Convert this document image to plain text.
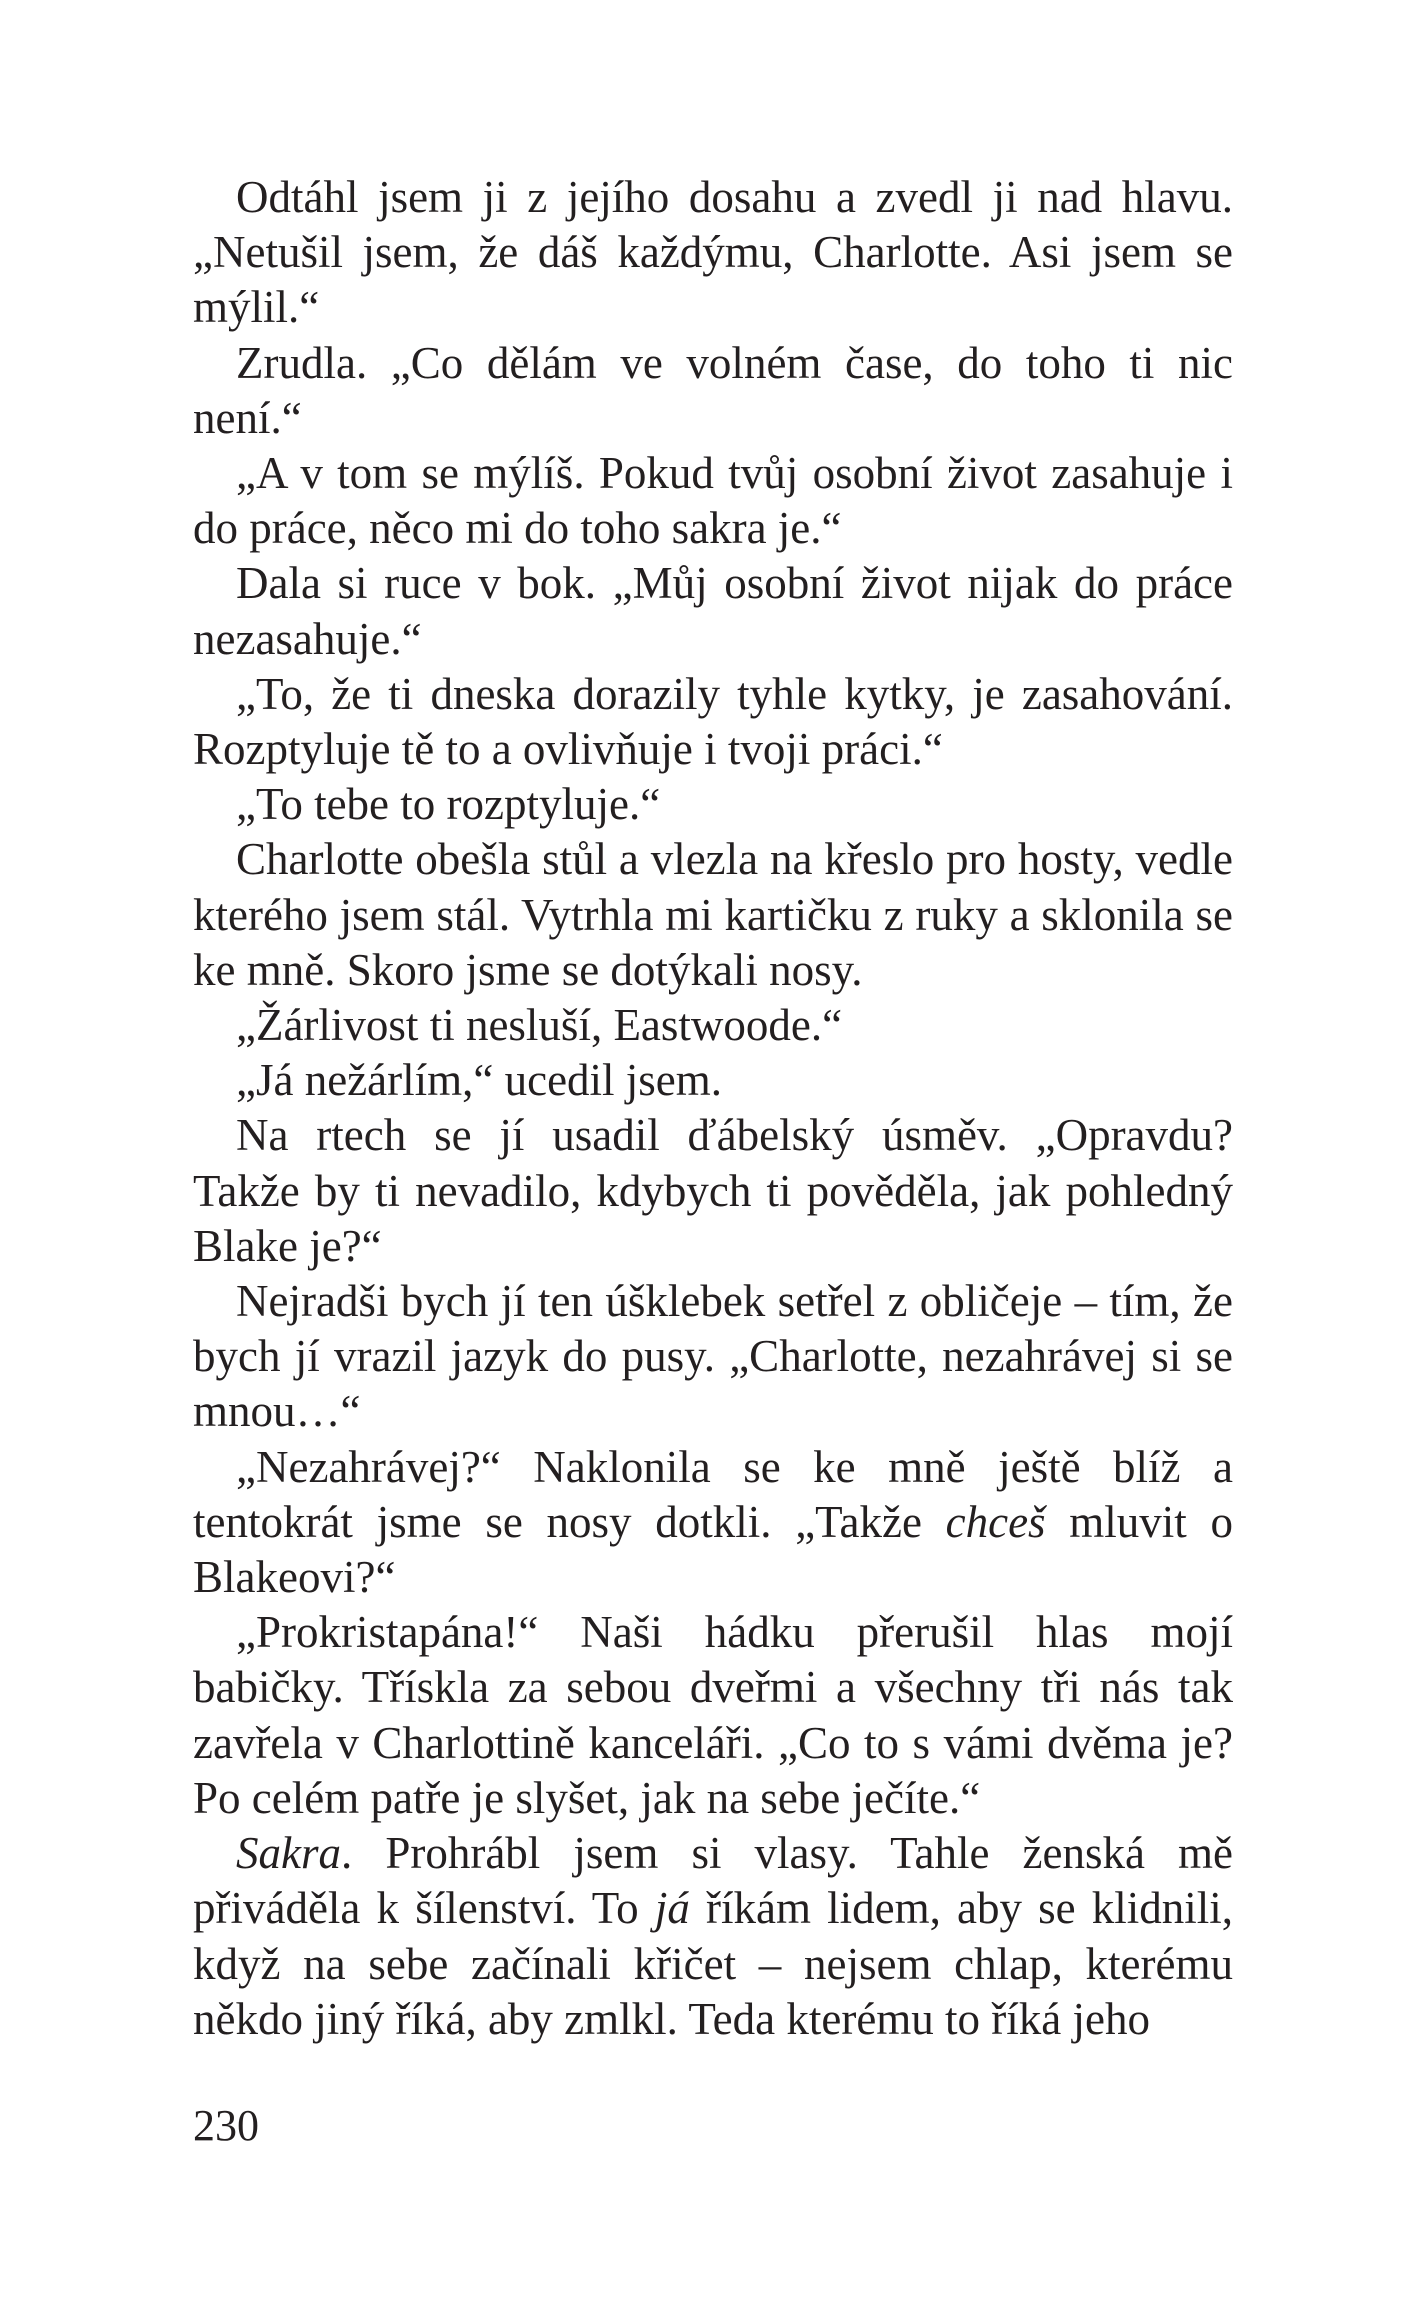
Odtáhl jsem ji z jejího dosahu a zvedl ji nad hlavu. „Netušil jsem, že dáš každýmu, Charlotte. Asi jsem se mýlil.“

Zrudla. „Co dělám ve volném čase, do toho ti nic není.“

„A v tom se mýlíš. Pokud tvůj osobní život zasahuje i do práce, něco mi do toho sakra je.“

Dala si ruce v bok. „Můj osobní život nijak do práce nezasahuje.“

„To, že ti dneska dorazily tyhle kytky, je zasahování. Rozptyluje tě to a ovlivňuje i tvoji práci.“

„To tebe to rozptyluje.“

Charlotte obešla stůl a vlezla na křeslo pro hosty, vedle kterého jsem stál. Vytrhla mi kartičku z ruky a sklonila se ke mně. Skoro jsme se dotýkali nosy.

„Žárlivost ti nesluší, Eastwoode.“

„Já nežárlím,“ ucedil jsem.

Na rtech se jí usadil ďábelský úsměv. „Opravdu? Takže by ti nevadilo, kdybych ti pověděla, jak pohledný Blake je?“

Nejradši bych jí ten úšklebek setřel z obličeje – tím, že bych jí vrazil jazyk do pusy. „Charlotte, nezahrávej si se mnou…“

„Nezahrávej?“ Naklonila se ke mně ještě blíž a tentokrát jsme se nosy dotkli. „Takže chceš mluvit o Blakeovi?“

„Prokristapána!“ Naši hádku přerušil hlas mojí babičky. Třískla za sebou dveřmi a všechny tři nás tak zavřela v Charlottině kanceláři. „Co to s vámi dvěma je? Po celém patře je slyšet, jak na sebe ječíte.“

Sakra. Prohrábl jsem si vlasy. Tahle ženská mě přiváděla k šílenství. To já říkám lidem, aby se klidnili, když na sebe začínali křičet – nejsem chlap, kterému někdo jiný říká, aby zmlkl. Teda kterému to říká jeho

230
